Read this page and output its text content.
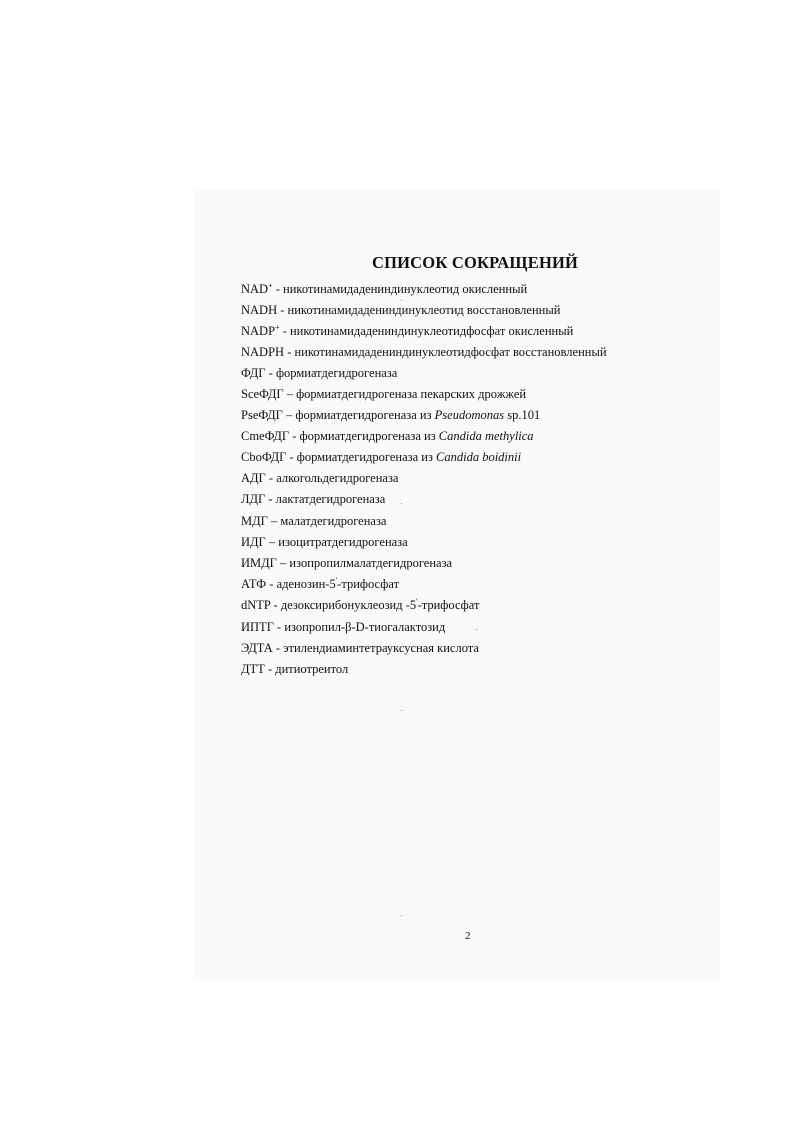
СПИСОК СОКРАЩЕНИЙ
NAD+ - никотинамидадениндинуклеотид окисленный
NADH - никотинамидадениндинуклеотид восстановленный
NADP+ - никотинамидадениндинуклеотидфосфат окисленный
NADPH - никотинамидадениндинуклеотидфосфат восстановленный
ФДГ - формиатдегидрогеназа
SceФДГ – формиатдегидрогеназа пекарских дрожжей
PseФДГ – формиатдегидрогеназа из Pseudomonas sp.101
CmeФДГ - формиатдегидрогеназа из Candida methylica
CboФДГ - формиатдегидрогеназа из Candida boidinii
АДГ - алкогольдегидрогеназа
ЛДГ - лактатдегидрогеназа
МДГ – малатдегидрогеназа
ИДГ – изоцитратдегидрогеназа
ИМДГ – изопропилмалатдегидрогеназа
АТФ - аденозин-5'-трифосфат
dNTP - дезоксирибонуклеозид -5'-трифосфат
ИПТГ - изопропил-β-D-тиогалактозид
ЭДТА - этилендиаминтетрауксусная кислота
ДТТ - дитиотреитол
2
